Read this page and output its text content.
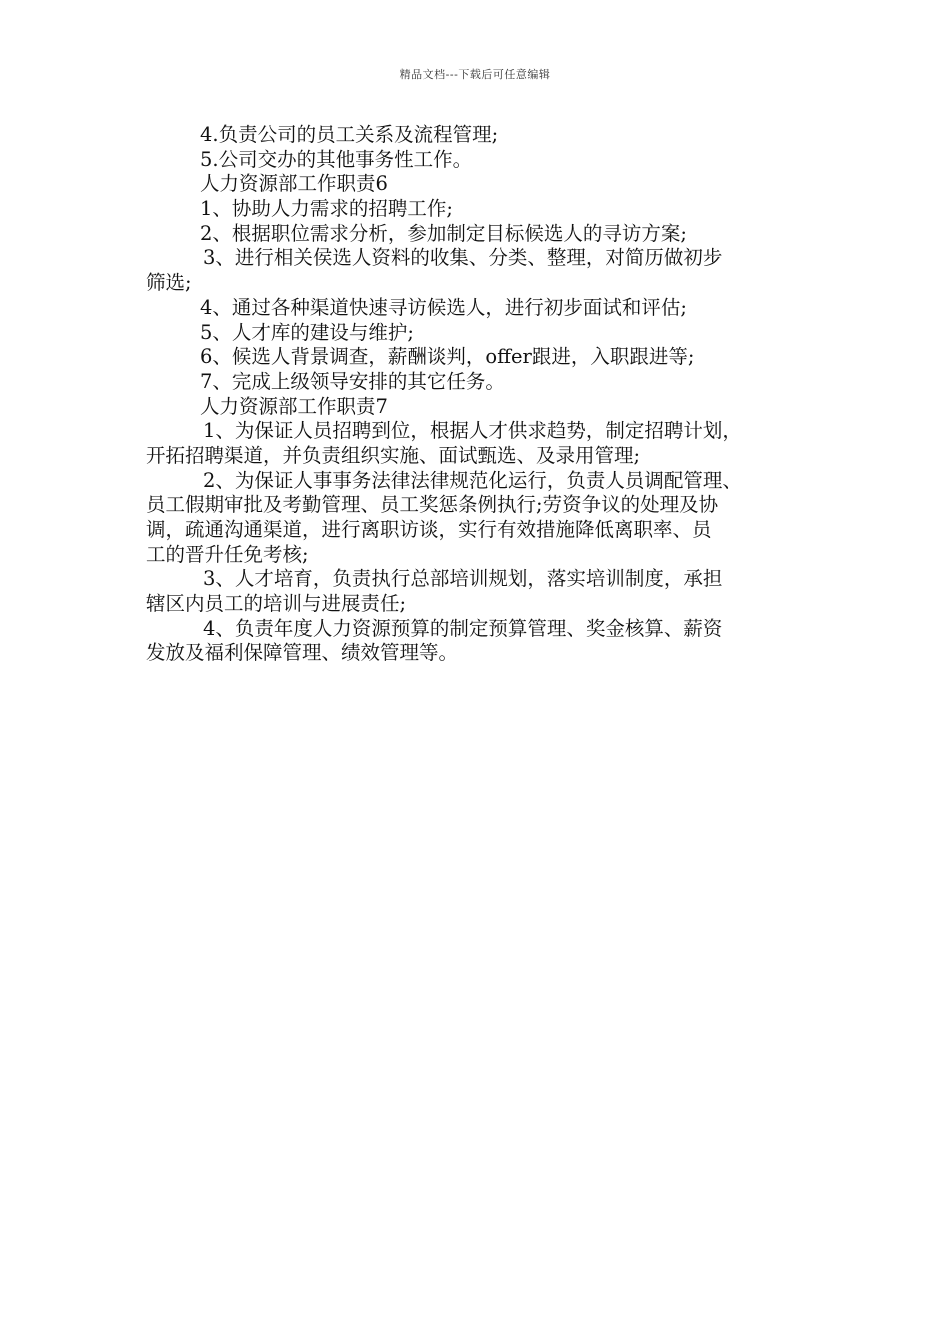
精品文档---下载后可任意编辑
4.负责公司的员工关系及流程管理;
5.公司交办的其他事务性工作。
人力资源部工作职责6
1、协助人力需求的招聘工作;
2、根据职位需求分析，参加制定目标候选人的寻访方案;
3、进行相关侯选人资料的收集、分类、整理，对简历做初步
筛选;
4、通过各种渠道快速寻访候选人，进行初步面试和评估;
5、人才库的建设与维护;
6、候选人背景调查，薪酬谈判，offer跟进，入职跟进等;
7、完成上级领导安排的其它任务。
人力资源部工作职责7
1、为保证人员招聘到位，根据人才供求趋势，制定招聘计划，
开拓招聘渠道，并负责组织实施、面试甄选、及录用管理;
2、为保证人事事务法律法律规范化运行，负责人员调配管理、
员工假期审批及考勤管理、员工奖惩条例执行;劳资争议的处理及协
调，疏通沟通渠道，进行离职访谈，实行有效措施降低离职率、员
工的晋升任免考核;
3、人才培育，负责执行总部培训规划，落实培训制度，承担
辖区内员工的培训与进展责任;
4、负责年度人力资源预算的制定预算管理、奖金核算、薪资
发放及福利保障管理、绩效管理等。
